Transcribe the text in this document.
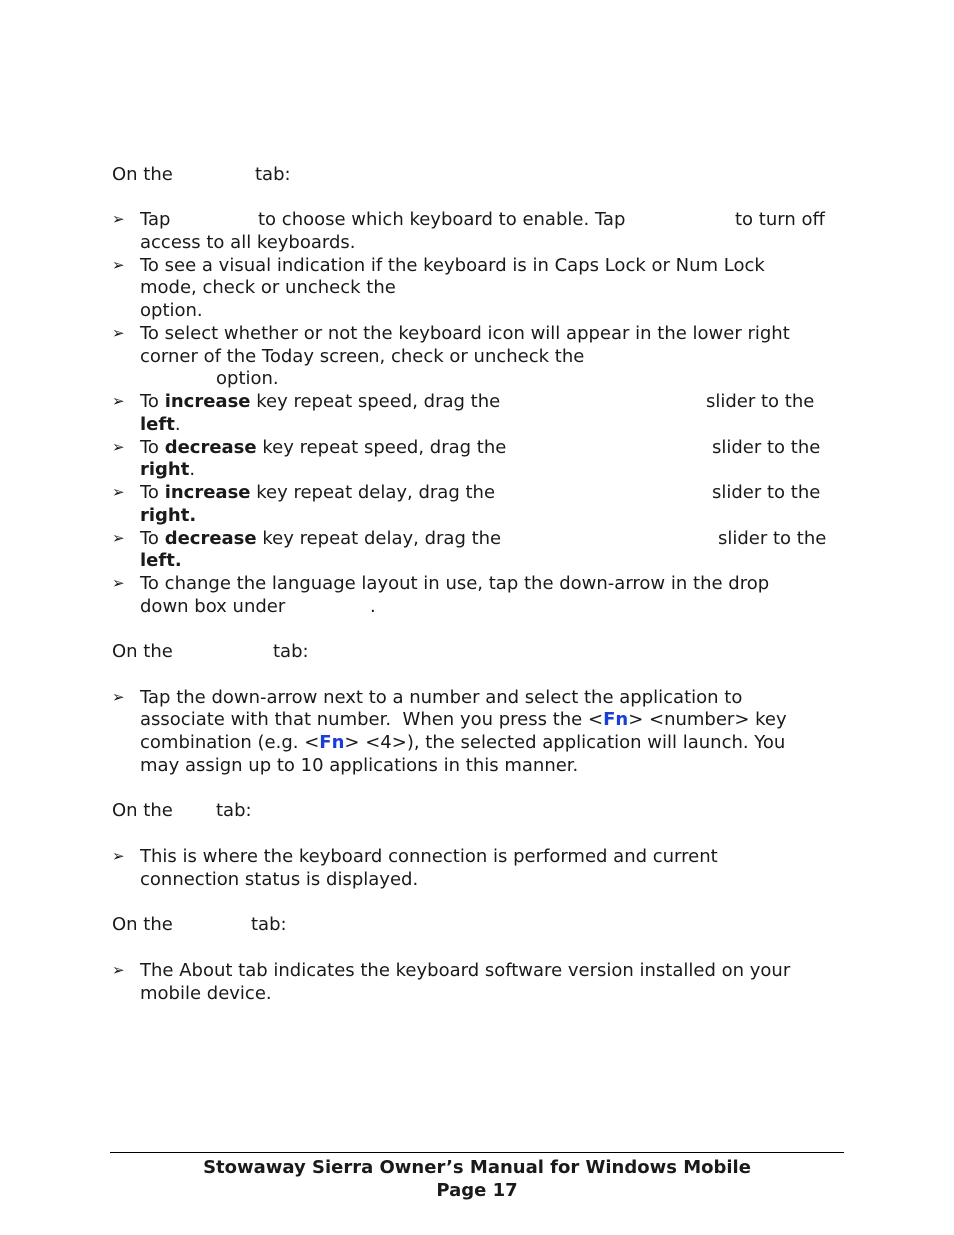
On the	tab:
➢ Tap	to choose which keyboard to enable. Tap	to turn off
access to all keyboards.
➢ To see a visual indication if the keyboard is in Caps Lock or Num Lock
mode, check or uncheck the
option.
➢ To select whether or not the keyboard icon will appear in the lower right
corner of the Today screen, check or uncheck the
option.
➢ To increase key repeat speed, drag the	slider to the
left.
➢ To decrease key repeat speed, drag the	slider to the
right.
➢ To increase key repeat delay, drag the	slider to the
right.
➢ To decrease key repeat delay, drag the	slider to the
left.
➢ To change the language layout in use, tap the down-arrow in the drop
down box under	.
On the	tab:
➢ Tap the down-arrow next to a number and select the application to
associate with that number.  When you press the <Fn> <number> key
combination (e.g. <Fn> <4>), the selected application will launch. You
may assign up to 10 applications in this manner.
On the tab:
➢ This is where the keyboard connection is performed and current
connection status is displayed.
On the	tab:
➢ The About tab indicates the keyboard software version installed on your
mobile device.
Stowaway Sierra Owner’s Manual for Windows Mobile
Page 17
